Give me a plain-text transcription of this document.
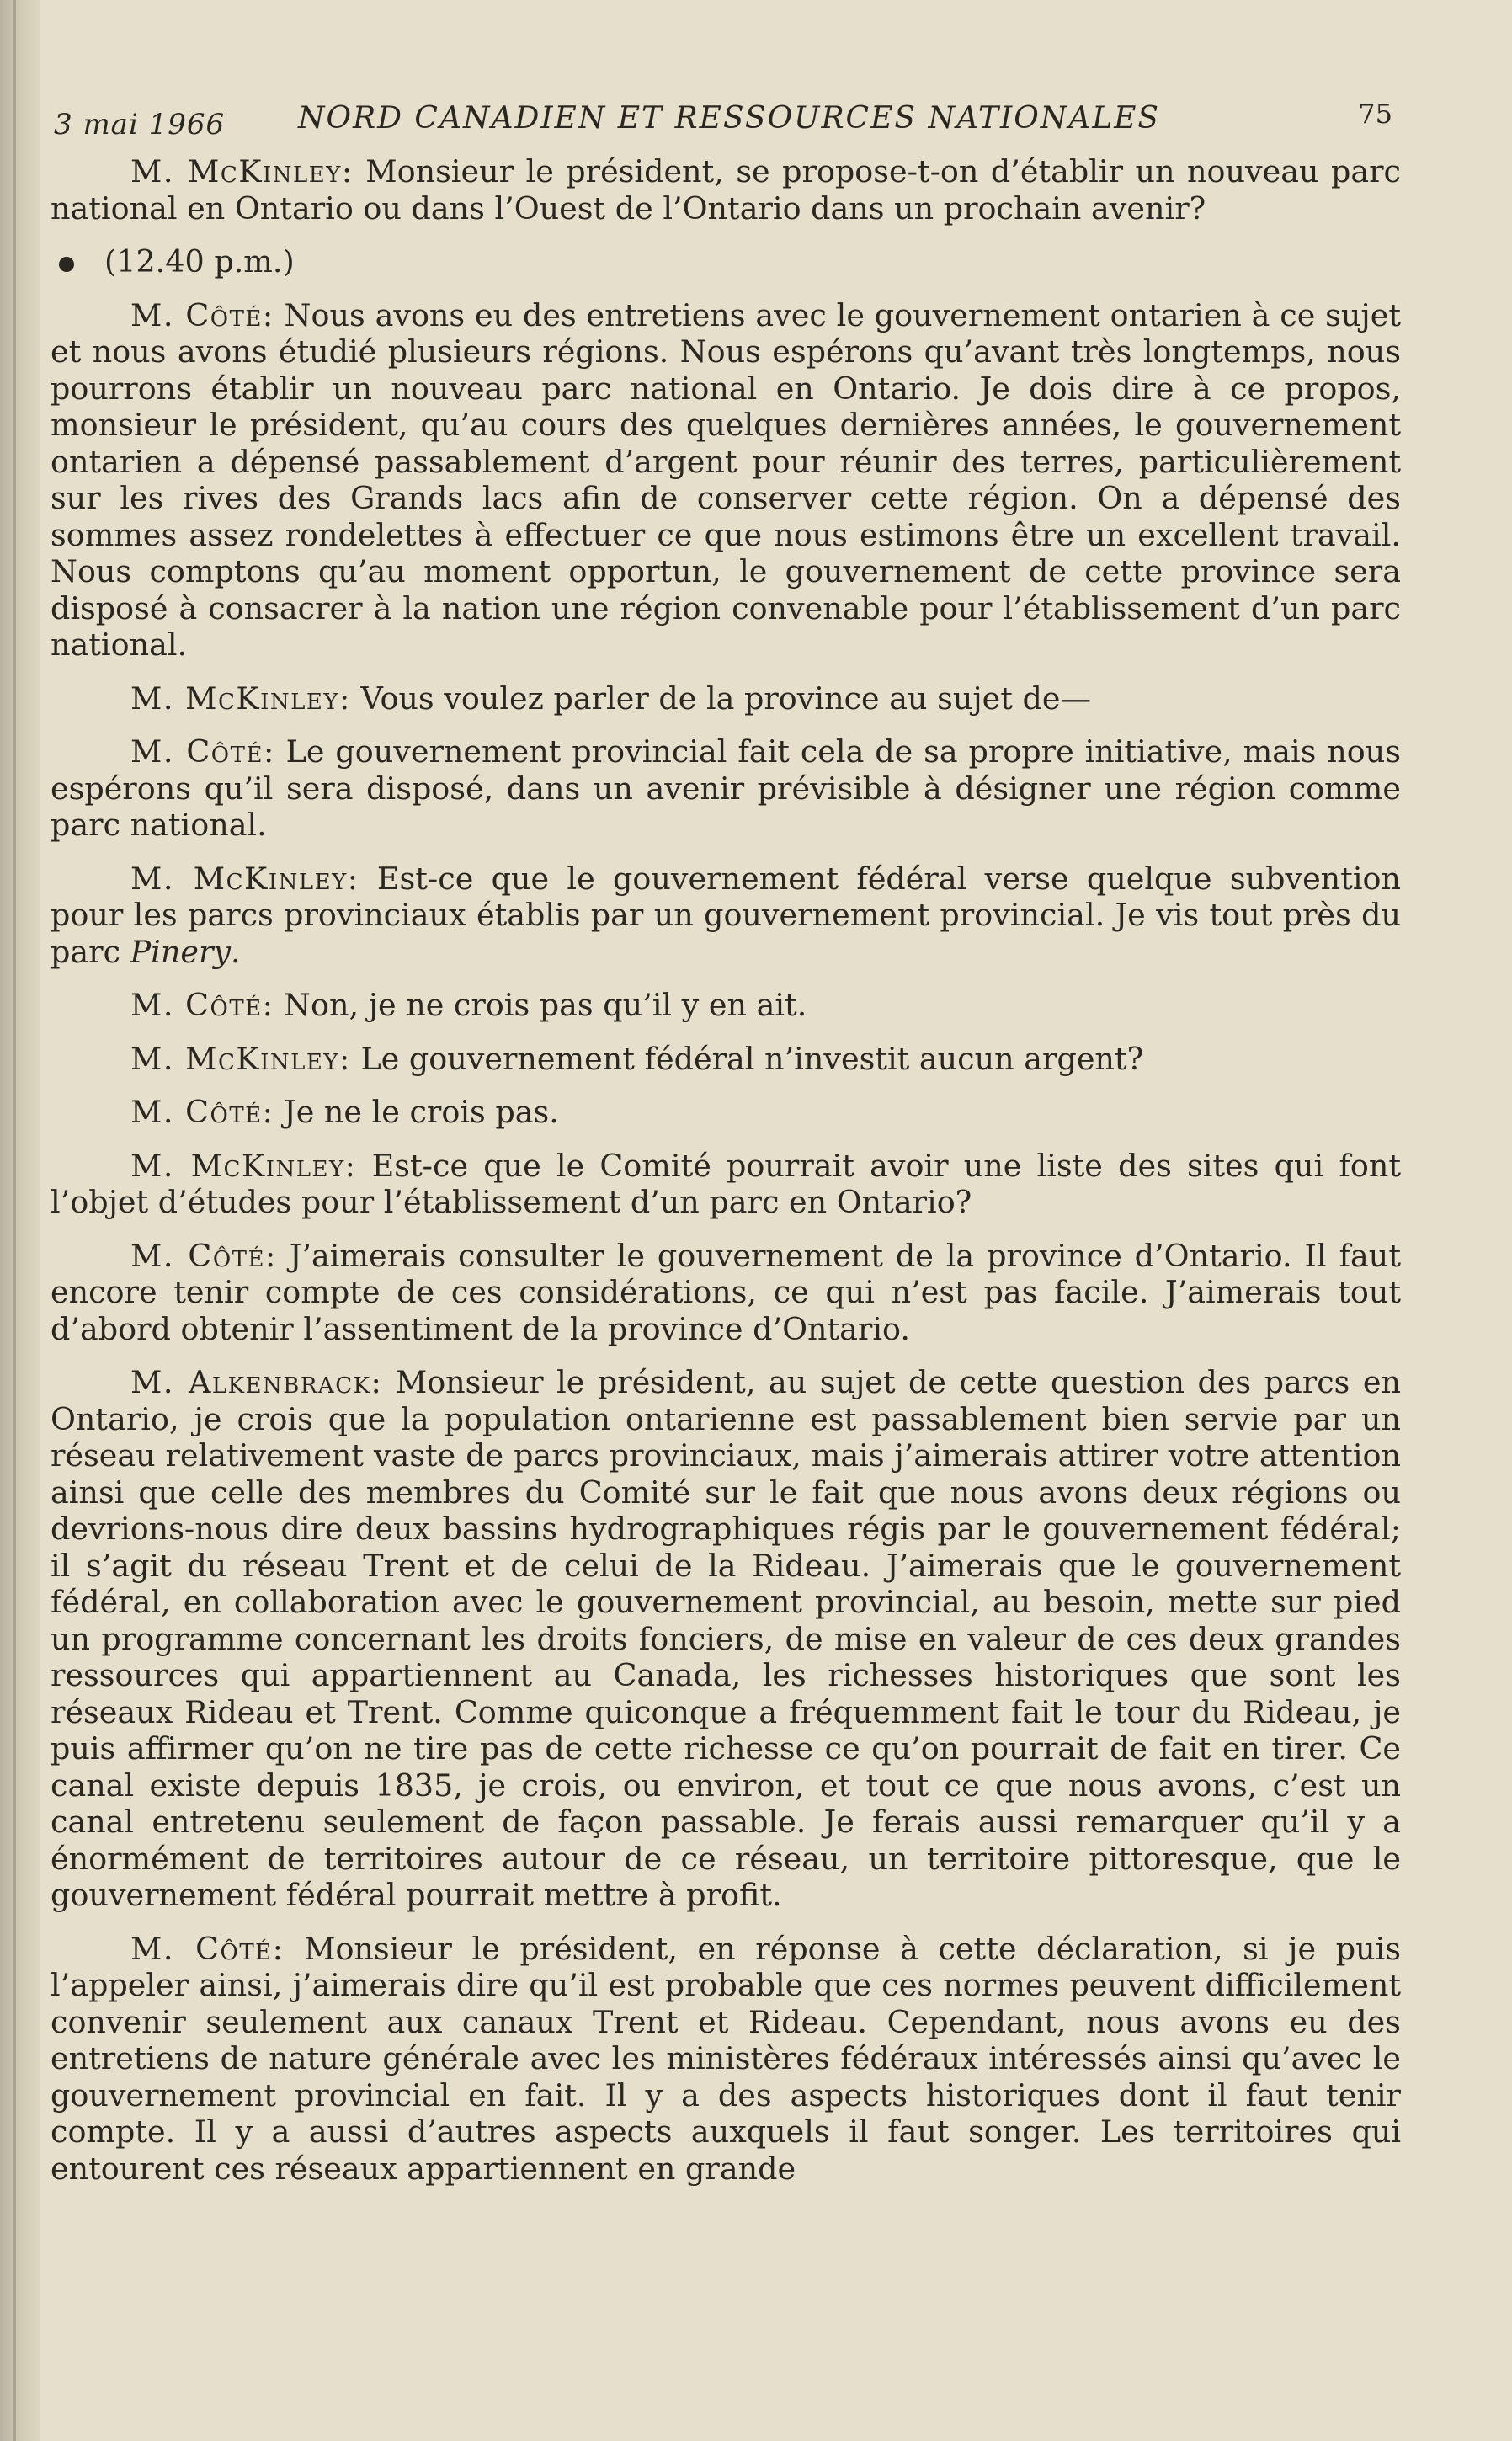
3 mai 1966 NORD CANADIEN ET RESSOURCES NATIONALES	75

M. McKinley: Monsieur le président, se propose-t-on d’établir un nouveau parc national en Ontario ou dans l’Ouest de l’Ontario dans un prochain avenir?

(12.40 p.m.)

M. Côté: Nous avons eu des entretiens avec le gouvernement ontarien à ce sujet et nous avons étudié plusieurs régions. Nous espérons qu’avant très longtemps, nous pourrons établir un nouveau parc national en Ontario. Je dois dire à ce propos, monsieur le président, qu’au cours des quelques dernières années, le gouvernement ontarien a dépensé passablement d’argent pour réunir des terres, particulièrement sur les rives des Grands lacs afin de conserver cette région. On a dépensé des sommes assez rondelettes à effectuer ce que nous estimons être un excellent travail. Nous comptons qu’au moment opportun, le gouvernement de cette province sera disposé à consacrer à la nation une région convenable pour l’établissement d’un parc national.

M. McKinley: Vous voulez parler de la province au sujet de—

M. Côté: Le gouvernement provincial fait cela de sa propre initiative, mais nous espérons qu’il sera disposé, dans un avenir prévisible à désigner une région comme parc national.

M. McKinley: Est-ce que le gouvernement fédéral verse quelque subvention pour les parcs provinciaux établis par un gouvernement provincial. Je vis tout près du parc Pinery.

M. Côté: Non, je ne crois pas qu’il y en ait.

M. McKinley: Le gouvernement fédéral n’investit aucun argent?

M. Côté: Je ne le crois pas.

M. McKinley: Est-ce que le Comité pourrait avoir une liste des sites qui font l’objet d’études pour l’établissement d’un parc en Ontario?

M. Côté: J’aimerais consulter le gouvernement de la province d’Ontario. Il faut encore tenir compte de ces considérations, ce qui n’est pas facile. J’aimerais tout d’abord obtenir l’assentiment de la province d’Ontario.

M. Alkenbrack: Monsieur le président, au sujet de cette question des parcs en Ontario, je crois que la population ontarienne est passablement bien servie par un réseau relativement vaste de parcs provinciaux, mais j’aimerais attirer votre attention ainsi que celle des membres du Comité sur le fait que nous avons deux régions ou devrions-nous dire deux bassins hydrographiques régis par le gouvernement fédéral; il s’agit du réseau Trent et de celui de la Rideau. J’aimerais que le gouvernement fédéral, en collaboration avec le gouvernement provincial, au besoin, mette sur pied un programme concernant les droits fonciers, de mise en valeur de ces deux grandes ressources qui appartiennent au Canada, les richesses historiques que sont les réseaux Rideau et Trent. Comme quiconque a fréquemment fait le tour du Rideau, je puis affirmer qu’on ne tire pas de cette richesse ce qu’on pourrait de fait en tirer. Ce canal existe depuis 1835, je crois, ou environ, et tout ce que nous avons, c’est un canal entretenu seulement de façon passable. Je ferais aussi remarquer qu’il y a énormément de territoires autour de ce réseau, un territoire pittoresque, que le gouvernement fédéral pourrait mettre à profit.

M. Côté: Monsieur le président, en réponse à cette déclaration, si je puis l’appeler ainsi, j’aimerais dire qu’il est probable que ces normes peuvent difficilement convenir seulement aux canaux Trent et Rideau. Cependant, nous avons eu des entretiens de nature générale avec les ministères fédéraux intéressés ainsi qu’avec le gouvernement provincial en fait. Il y a des aspects historiques dont il faut tenir compte. Il y a aussi d’autres aspects auxquels il faut songer. Les territoires qui entourent ces réseaux appartiennent en grande
